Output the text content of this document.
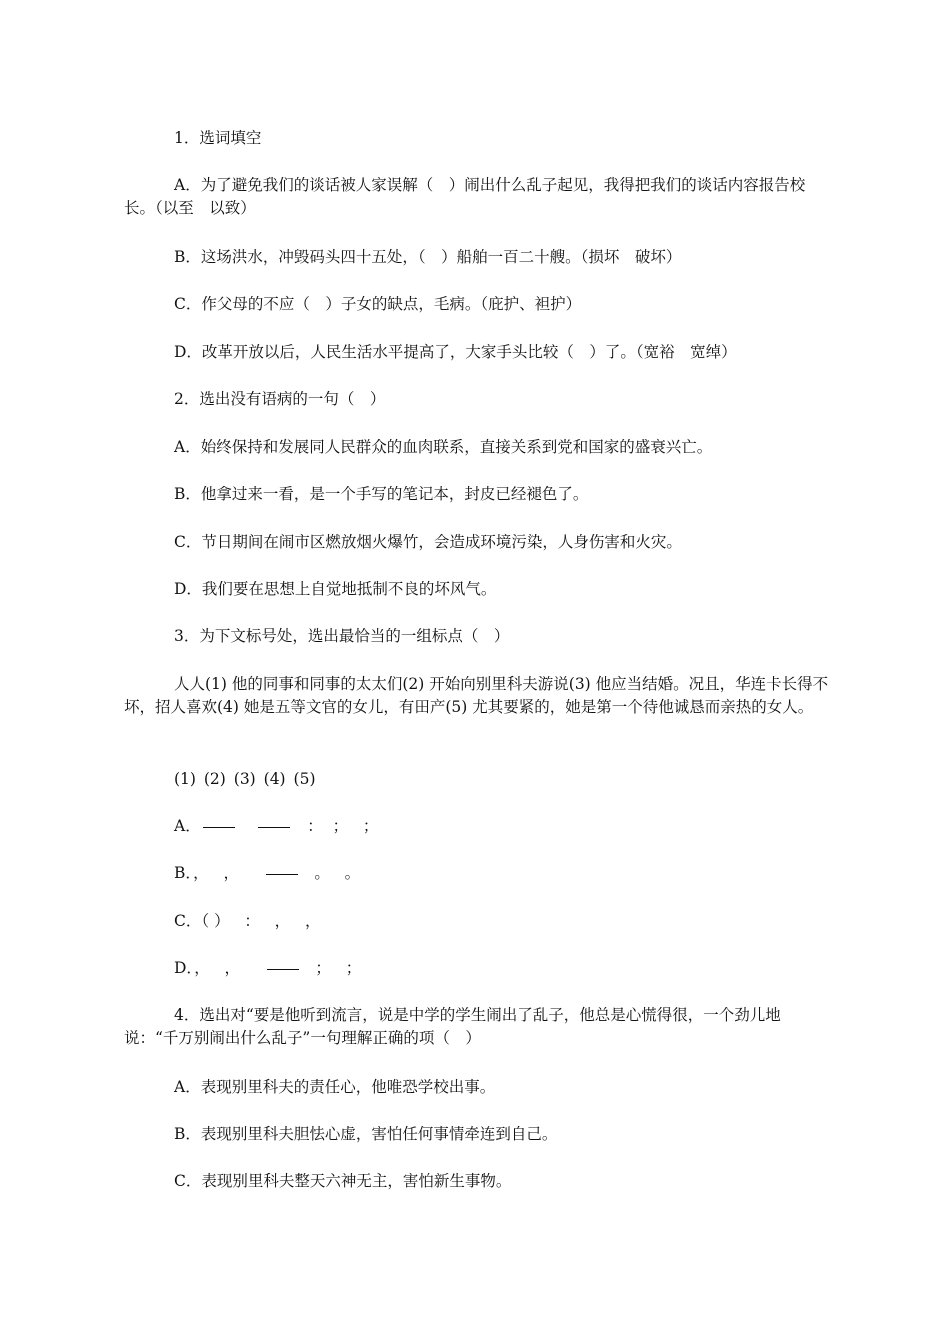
1．选词填空
A．为了避免我们的谈话被人家误解（　）闹出什么乱子起见，我得把我们的谈话内容报告校长。（以至　以致）
B．这场洪水，冲毁码头四十五处，（　）船舶一百二十艘。（损坏　破坏）
C．作父母的不应（　）子女的缺点，毛病。（庇护、袒护）
D．改革开放以后，人民生活水平提高了，大家手头比较（　）了。（宽裕　宽绰）
2．选出没有语病的一句（　）
A．始终保持和发展同人民群众的血肉联系，直接关系到党和国家的盛衰兴亡。
B．他拿过来一看，是一个手写的笔记本，封皮已经褪色了。
C．节日期间在闹市区燃放烟火爆竹，会造成环境污染，人身伤害和火灾。
D．我们要在思想上自觉地抵制不良的坏风气。
3．为下文标号处，选出最恰当的一组标点（　）
人人(1) 他的同事和同事的太太们(2) 开始向别里科夫游说(3) 他应当结婚。况且，华连卡长得不坏，招人喜欢(4) 她是五等文官的女儿，有田产(5) 尤其要紧的，她是第一个待他诚恳而亲热的女人。
(1) (2) (3) (4) (5)
A．	： ； ；
B．， ，	。 。
C．（ ） ： ， ，
D．， ，	； ；
4．选出对“要是他听到流言，说是中学的学生闹出了乱子，他总是心慌得很，一个劲儿地说：“千万别闹出什么乱子”一句理解正确的项（　）
A．表现别里科夫的责任心，他唯恐学校出事。
B．表现别里科夫胆怯心虚，害怕任何事情牵连到自己。
C．表现别里科夫整天六神无主，害怕新生事物。
